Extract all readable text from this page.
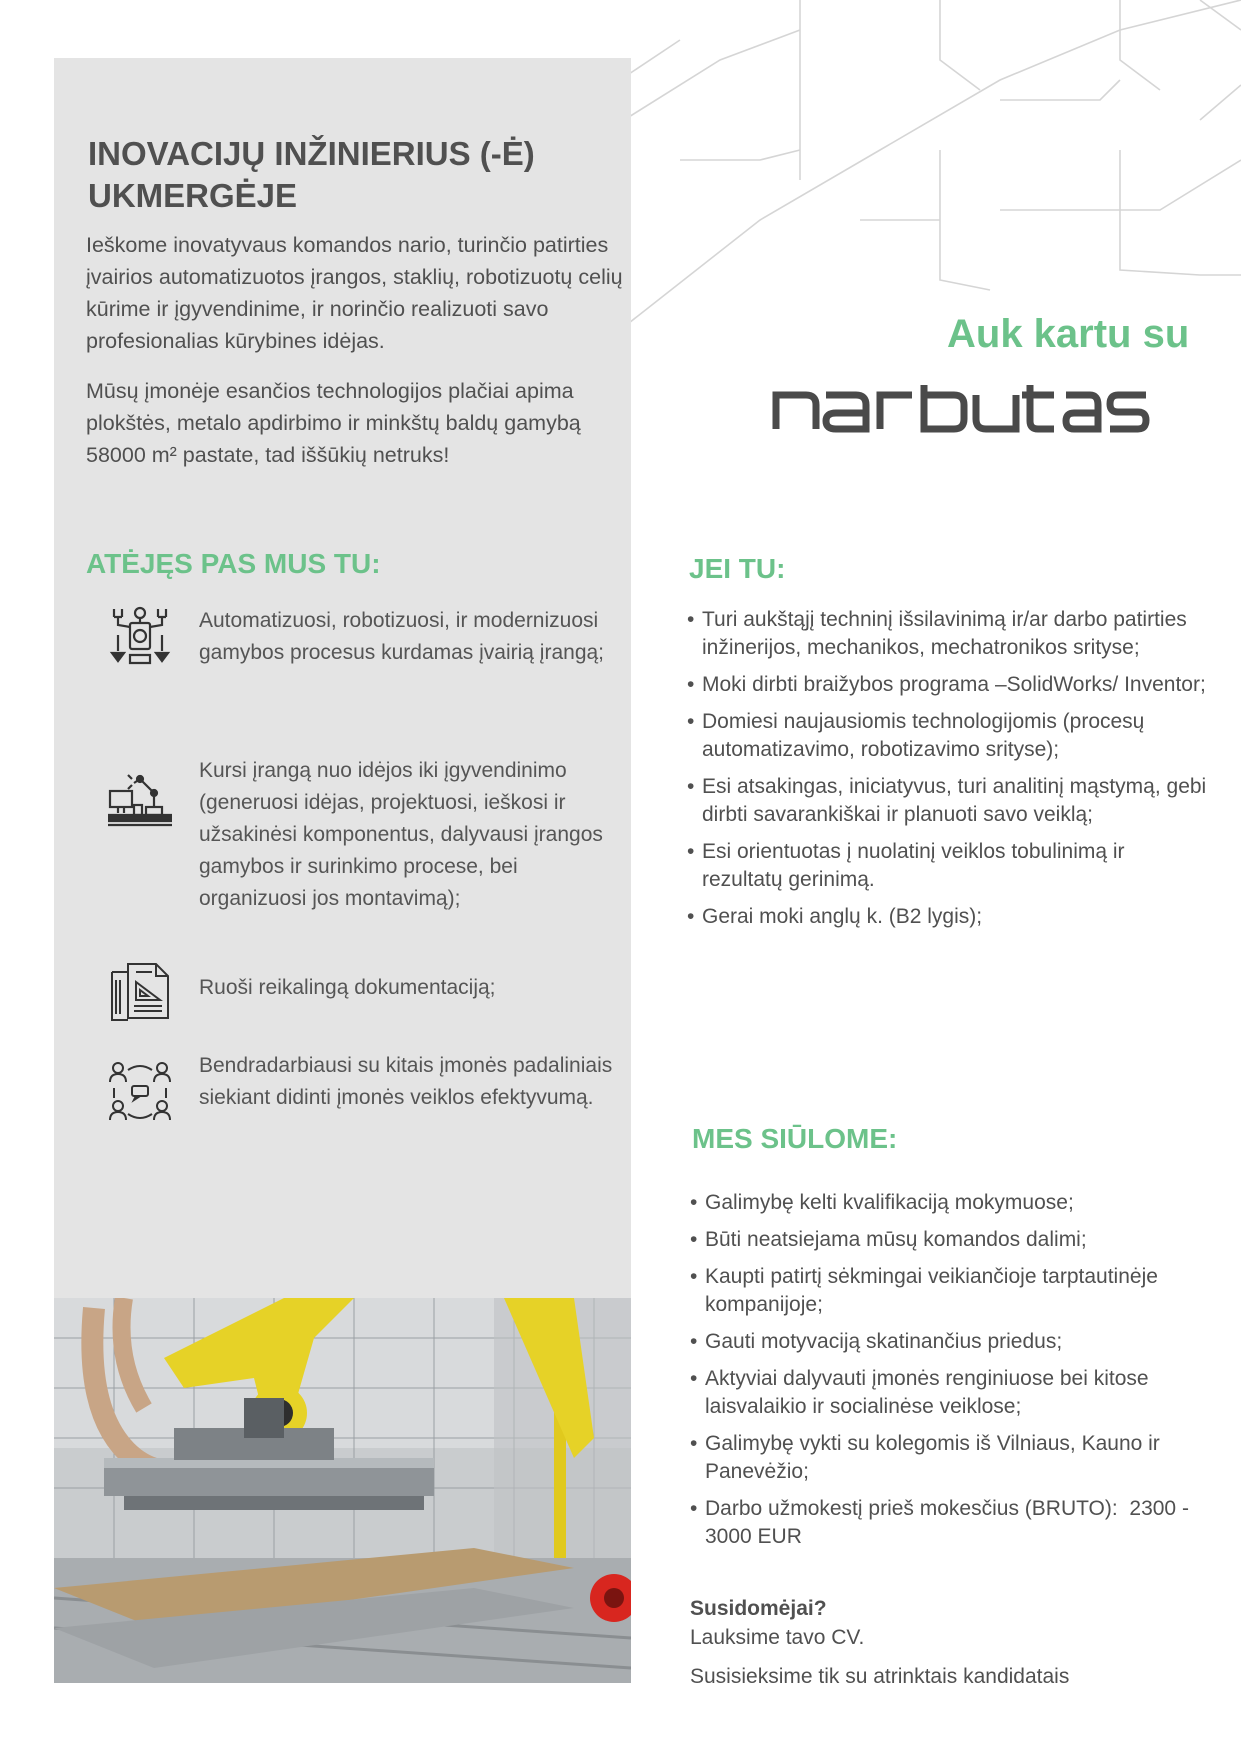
INOVACIJŲ INŽINIERIUS (-Ė)
UKMERGĖJE

Ieškome inovatyvaus komandos nario, turinčio patirties įvairios automatizuotos įrangos, staklių, robotizuotų celių kūrime ir įgyvendinime, ir norinčio realizuoti savo profesionalias kūrybines idėjas.

Mūsų įmonėje esančios technologijos plačiai apima plokštės, metalo apdirbimo ir minkštų baldų gamybą 58000 m² pastate, tad iššūkių netruks!

Auk kartu su

ATĖJĘS PAS MUS TU:

Automatizuosi, robotizuosi, ir modernizuosi gamybos procesus kurdamas įvairią įrangą;

Kursi įrangą nuo idėjos iki įgyvendinimo (generuosi idėjas, projektuosi, ieškosi ir užsakinėsi komponentus, dalyvausi įrangos gamybos ir surinkimo procese, bei organizuosi jos montavimą);

Ruoši reikalingą dokumentaciją;

Bendradarbiausi su kitais įmonės padaliniais siekiant didinti įmonės veiklos efektyvumą.

JEI TU:
• Turi aukštąjį techninį išsilavinimą ir/ar darbo patirties inžinerijos, mechanikos, mechatronikos srityse;
• Moki dirbti braižybos programa –SolidWorks/ Inventor;
• Domiesi naujausiomis technologijomis (procesų automatizavimo, robotizavimo srityse);
• Esi atsakingas, iniciatyvus, turi analitinį mąstymą, gebi dirbti savarankiškai ir planuoti savo veiklą;
• Esi orientuotas į nuolatinį veiklos tobulinimą ir rezultatų gerinimą.
• Gerai moki anglų k. (B2 lygis);
MES SIŪLOME:
• Galimybę kelti kvalifikaciją mokymuose;
• Būti neatsiejama mūsų komandos dalimi;
• Kaupti patirtį sėkmingai veikiančioje tarptautinėje kompanijoje;
• Gauti motyvaciją skatinančius priedus;
• Aktyviai dalyvauti įmonės renginiuose bei kitose laisvalaikio ir socialinėse veiklose;
• Galimybę vykti su kolegomis iš Vilniaus, Kauno ir Panevėžio;
• Darbo užmokestį prieš mokesčius (BRUTO):  2300 - 3000 EUR

Susidomėjai?

Lauksime tavo CV.

Susisieksime tik su atrinktais kandidatais
